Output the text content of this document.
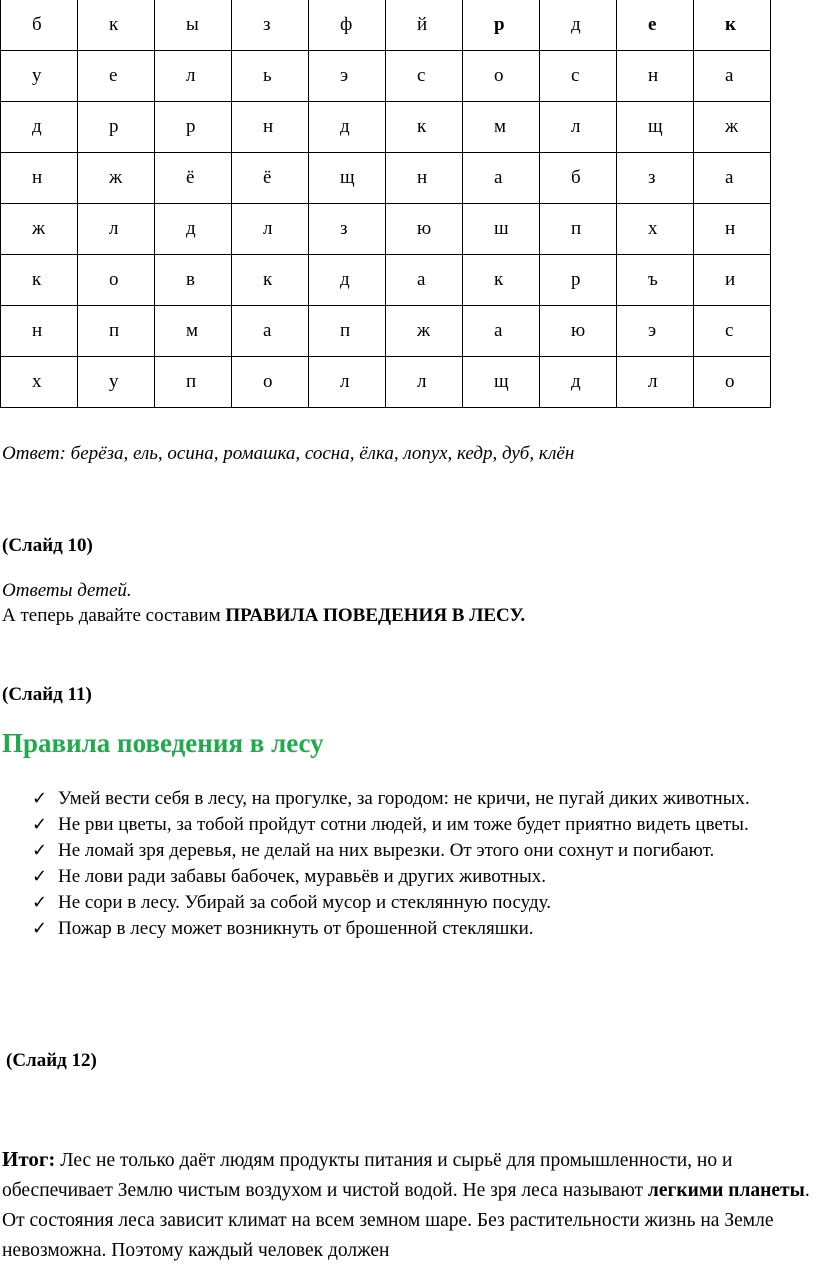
б	к	ы	з	ф	й	р	д	е	к
у	е	л	ь	э	с	о	с	н	а
д	р	р	н	д	к	м	л	щ	ж
н	ж	ё	ё	щ	н	а	б	з	а
ж	л	д	л	з	ю	ш	п	х	н
к	о	в	к	д	а	к	р	ъ	и
н	п	м	а	п	ж	а	ю	э	с
х	у	п	о	л	л	щ	д	л	о
Ответ: берёза, ель, осина, ромашка, сосна, ёлка, лопух, кедр, дуб, клён
(Слайд 10)
Ответы детей.
А теперь давайте составим ПРАВИЛА ПОВЕДЕНИЯ В ЛЕСУ.
(Слайд 11)
Правила поведения в лесу
✓ Умей вести себя в лесу, на прогулке, за городом: не кричи, не пугай диких животных.
✓ Не рви цветы, за тобой пройдут сотни людей, и им тоже будет приятно видеть цветы.
✓ Не ломай зря деревья, не делай на них вырезки. От этого они сохнут и погибают.
✓ Не лови ради забавы бабочек, муравьёв и других животных.
✓ Не сори в лесу. Убирай за собой мусор и стеклянную посуду.
✓ Пожар в лесу может возникнуть от брошенной стекляшки.
(Слайд 12)
Итог: Лес не только даёт людям продукты питания и сырьё для промышленности, но и обеспечивает Землю чистым воздухом и чистой водой. Не зря леса называют легкими планеты. От состояния леса зависит климат на всем земном шаре. Без растительности жизнь на Земле невозможна. Поэтому каждый человек должен
